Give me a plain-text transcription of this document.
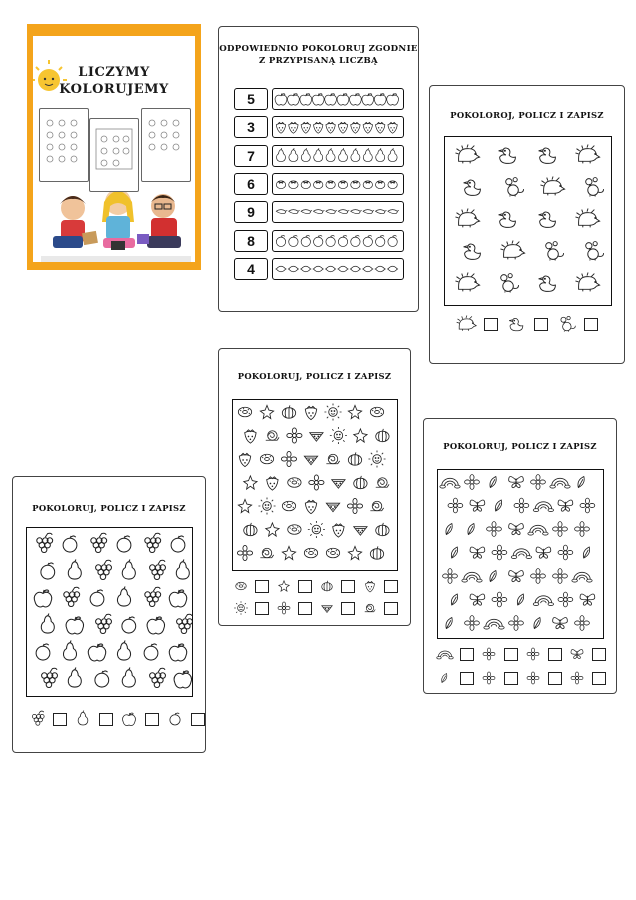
LICZYMY
KOLORUJEMY
ODPOWIEDNIO POKOLORUJ ZGODNIE
Z PRZYPISANĄ LICZBĄ
5
3
7
6
9
8
4
POKOLOROJ, POLICZ I ZAPISZ
POKOLORUJ, POLICZ I ZAPISZ
POKOLORUJ, POLICZ I ZAPISZ
POKOLORUJ, POLICZ I ZAPISZ
